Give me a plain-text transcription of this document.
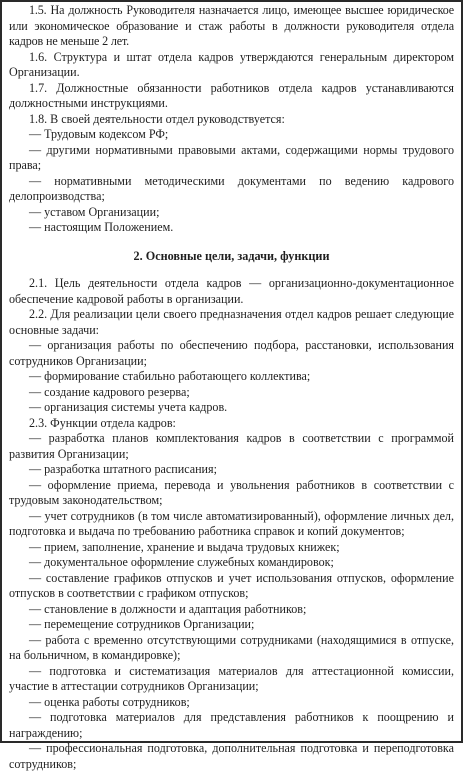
1.5. На должность Руководителя назначается лицо, имеющее высшее юридическое или экономическое образование и стаж работы в должности руководителя отдела кадров не меньше 2 лет.

1.6. Структура и штат отдела кадров утверждаются генеральным директором Организации.

1.7. Должностные обязанности работников отдела кадров устанавливаются должностными инструкциями.

1.8. В своей деятельности отдел руководствуется:

— Трудовым кодексом РФ;

— другими нормативными правовыми актами, содержащими нормы трудового права;

— нормативными методическими документами по ведению кадрового делопроизводства;

— уставом Организации;

— настоящим Положением.

2. Основные цели, задачи, функции

2.1. Цель деятельности отдела кадров — организационно-документационное обеспечение кадровой работы в организации.

2.2. Для реализации цели своего предназначения отдел кадров решает следующие основные задачи:

— организация работы по обеспечению подбора, расстановки, использования сотрудников Организации;

— формирование стабильно работающего коллектива;

— создание кадрового резерва;

— организация системы учета кадров.

2.3. Функции отдела кадров:

— разработка планов комплектования кадров в соответствии с программой развития Организации;

— разработка штатного расписания;

— оформление приема, перевода и увольнения работников в соответствии с трудовым законодательством;

— учет сотрудников (в том числе автоматизированный), оформление личных дел, подготовка и выдача по требованию работника справок и копий документов;

— прием, заполнение, хранение и выдача трудовых книжек;

— документальное оформление служебных командировок;

— составление графиков отпусков и учет использования отпусков, оформление отпусков в соответствии с графиком отпусков;

— становление в должности и адаптация работников;

— перемещение сотрудников Организации;

— работа с временно отсутствующими сотрудниками (находящимися в отпуске, на больничном, в командировке);

— подготовка и систематизация материалов для аттестационной комиссии, участие в аттестации сотрудников Организации;

— оценка работы сотрудников;

— подготовка материалов для представления работников к поощрению и награждению;

— профессиональная подготовка, дополнительная подготовка и переподготовка сотрудников;
